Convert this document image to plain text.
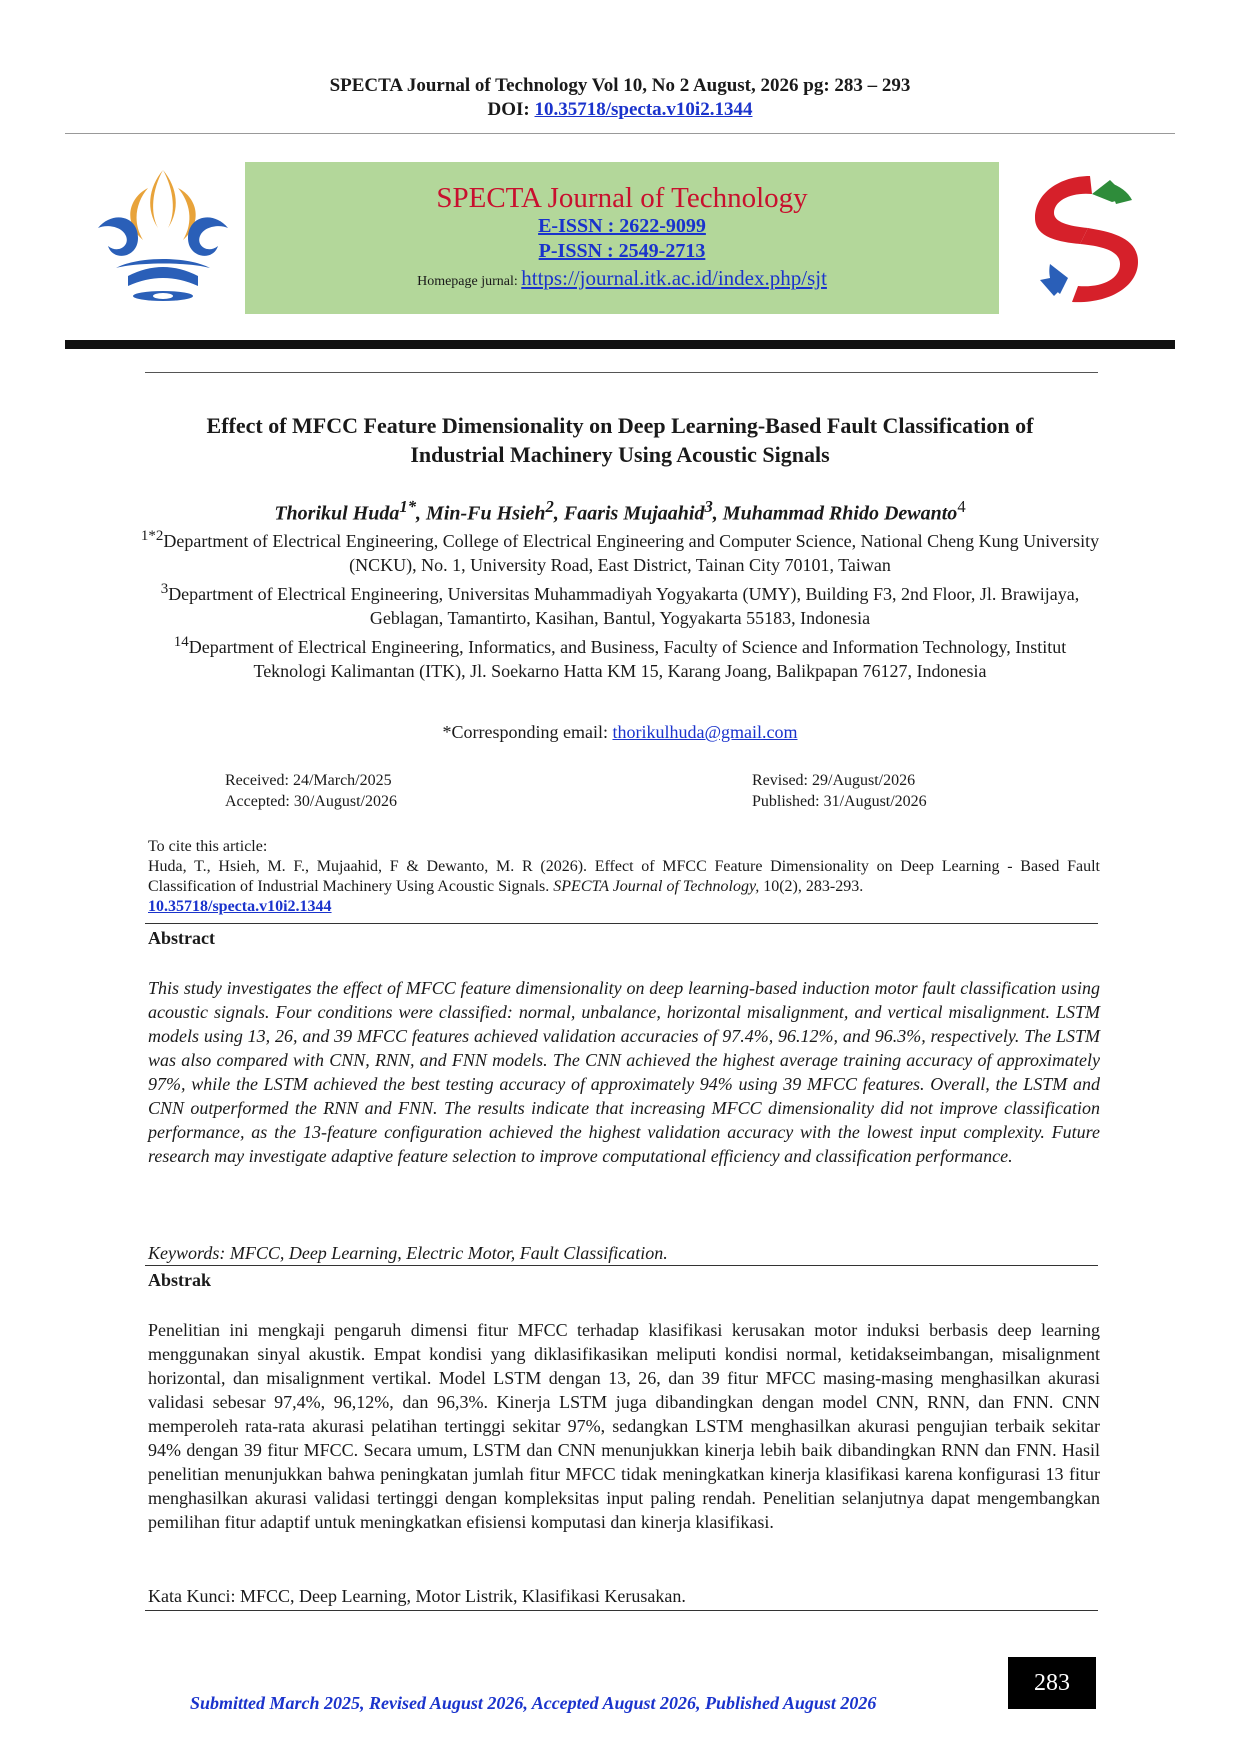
SPECTA Journal of Technology Vol 10, No 2 August, 2026 pg: 283 – 293
DOI: 10.35718/specta.v10i2.1344
SPECTA Journal of Technology
E-ISSN : 2622-9099
P-ISSN : 2549-2713
Homepage jurnal: https://journal.itk.ac.id/index.php/sjt
Effect of MFCC Feature Dimensionality on Deep Learning-Based Fault Classification of
Industrial Machinery Using Acoustic Signals
Thorikul Huda$^{1*}$, Min-Fu Hsieh$^2$, Faaris Mujaahid$^3$, Muhammad Rhido Dewanto$^4$
$^{1*2}$Department of Electrical Engineering, College of Electrical Engineering and Computer Science, National Cheng Kung University (NCKU), No. 1, University Road, East District, Tainan City 70101, Taiwan
$^3$Department of Electrical Engineering, Universitas Muhammadiyah Yogyakarta (UMY), Building F3, 2nd Floor, Jl. Brawijaya, Geblagan, Tamantirto, Kasihan, Bantul, Yogyakarta 55183, Indonesia
$^{14}$Department of Electrical Engineering, Informatics, and Business, Faculty of Science and Information Technology, Institut Teknologi Kalimantan (ITK), Jl. Soekarno Hatta KM 15, Karang Joang, Balikpapan 76127, Indonesia
*Corresponding email: thorikulhuda@gmail.com
Received: 24/March/2025
Accepted: 30/August/2026
Revised: 29/August/2026
Published: 31/August/2026
To cite this article:
Huda, T., Hsieh, M. F., Mujaahid, F & Dewanto, M. R (2026). Effect of MFCC Feature Dimensionality on Deep Learning - Based Fault Classification of Industrial Machinery Using Acoustic Signals. SPECTA Journal of Technology, 10(2), 283-293.
10.35718/specta.v10i2.1344
Abstract
This study investigates the effect of MFCC feature dimensionality on deep learning-based induction motor fault classification using acoustic signals. Four conditions were classified: normal, unbalance, horizontal misalignment, and vertical misalignment. LSTM models using 13, 26, and 39 MFCC features achieved validation accuracies of 97.4%, 96.12%, and 96.3%, respectively. The LSTM was also compared with CNN, RNN, and FNN models. The CNN achieved the highest average training accuracy of approximately 97%, while the LSTM achieved the best testing accuracy of approximately 94% using 39 MFCC features. Overall, the LSTM and CNN outperformed the RNN and FNN. The results indicate that increasing MFCC dimensionality did not improve classification performance, as the 13-feature configuration achieved the highest validation accuracy with the lowest input complexity. Future research may investigate adaptive feature selection to improve computational efficiency and classification performance.
Keywords: MFCC, Deep Learning, Electric Motor, Fault Classification.
Abstrak
Penelitian ini mengkaji pengaruh dimensi fitur MFCC terhadap klasifikasi kerusakan motor induksi berbasis deep learning menggunakan sinyal akustik. Empat kondisi yang diklasifikasikan meliputi kondisi normal, ketidakseimbangan, misalignment horizontal, dan misalignment vertikal. Model LSTM dengan 13, 26, dan 39 fitur MFCC masing-masing menghasilkan akurasi validasi sebesar 97,4%, 96,12%, dan 96,3%. Kinerja LSTM juga dibandingkan dengan model CNN, RNN, dan FNN. CNN memperoleh rata-rata akurasi pelatihan tertinggi sekitar 97%, sedangkan LSTM menghasilkan akurasi pengujian terbaik sekitar 94% dengan 39 fitur MFCC. Secara umum, LSTM dan CNN menunjukkan kinerja lebih baik dibandingkan RNN dan FNN. Hasil penelitian menunjukkan bahwa peningkatan jumlah fitur MFCC tidak meningkatkan kinerja klasifikasi karena konfigurasi 13 fitur menghasilkan akurasi validasi tertinggi dengan kompleksitas input paling rendah. Penelitian selanjutnya dapat mengembangkan pemilihan fitur adaptif untuk meningkatkan efisiensi komputasi dan kinerja klasifikasi.
Kata Kunci: MFCC, Deep Learning, Motor Listrik, Klasifikasi Kerusakan.
Submitted March 2025, Revised August 2026, Accepted August 2026, Published August 2026
283
